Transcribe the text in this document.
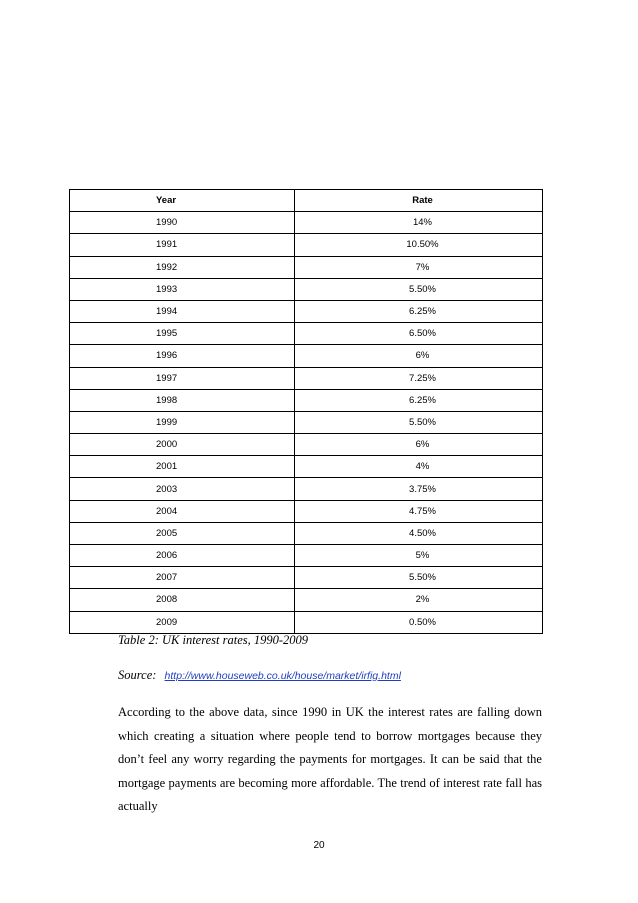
Year	Rate
1990	14%
1991	10.50%
1992	7%
1993	5.50%
1994	6.25%
1995	6.50%
1996	6%
1997	7.25%
1998	6.25%
1999	5.50%
2000	6%
2001	4%
2003	3.75%
2004	4.75%
2005	4.50%
2006	5%
2007	5.50%
2008	2%
2009	0.50%
Table 2: UK interest rates, 1990-2009
Source: http://www.houseweb.co.uk/house/market/irfig.html
According to the above data, since 1990 in UK the interest rates are falling down which creating a situation where people tend to borrow mortgages because they don’t feel any worry regarding the payments for mortgages. It can be said that the mortgage payments are becoming more affordable. The trend of interest rate fall has actually
20
